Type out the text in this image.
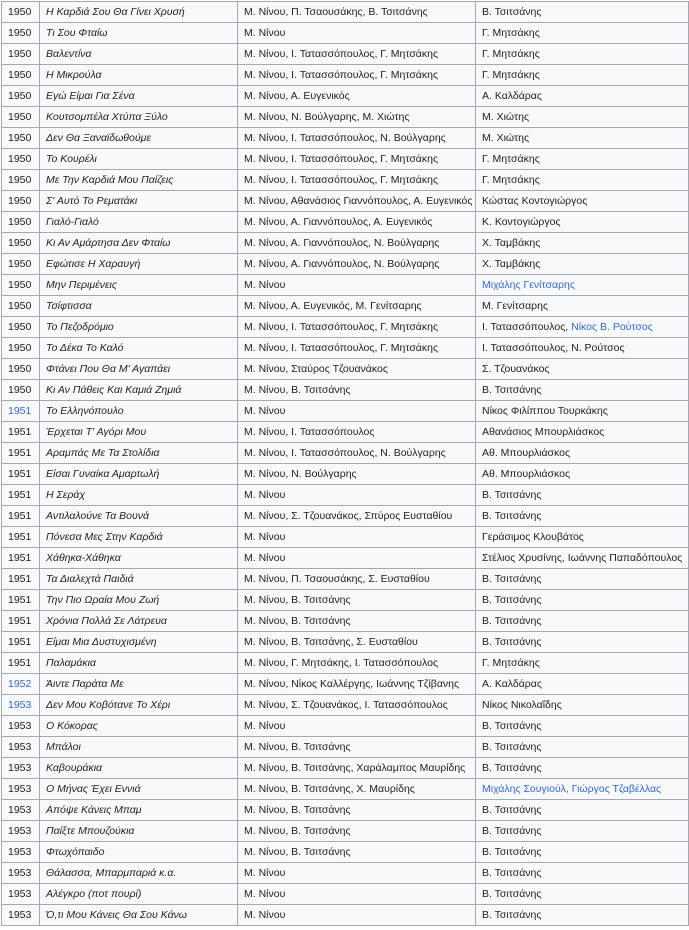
1950	Η Καρδιά Σου Θα Γίνει Χρυσή	Μ. Νίνου, Π. Τσαουσάκης, Β. Τσιτσάνης	Β. Τσιτσάνης
1950	Τι Σου Φταίω	Μ. Νίνου	Γ. Μητσάκης
1950	Βαλεντίνα	Μ. Νίνου, Ι. Τατασσόπουλος, Γ. Μητσάκης	Γ. Μητσάκης
1950	Η Μικρούλα	Μ. Νίνου, Ι. Τατασσόπουλος, Γ. Μητσάκης	Γ. Μητσάκης
1950	Εγώ Είμαι Για Σένα	Μ. Νίνου, Α. Ευγενικός	Α. Καλδάρας
1950	Κουτσομπέλα Χτύπα Ξύλο	Μ. Νίνου, Ν. Βούλγαρης, Μ. Χιώτης	Μ. Χιώτης
1950	Δεν Θα Ξαναϊδωθούμε	Μ. Νίνου, Ι. Τατασσόπουλος, Ν. Βούλγαρης	Μ. Χιώτης
1950	Το Κουρέλι	Μ. Νίνου, Ι. Τατασσόπουλος, Γ. Μητσάκης	Γ. Μητσάκης
1950	Με Την Καρδιά Μου Παίζεις	Μ. Νίνου, Ι. Τατασσόπουλος, Γ. Μητσάκης	Γ. Μητσάκης
1950	Σ' Αυτό Το Ρεματάκι	Μ. Νίνου, Αθανάσιος Γιαννόπουλος, Α. Ευγενικός	Κώστας Κοντογιώργος
1950	Γιαλό-Γιαλό	Μ. Νίνου, Α. Γιαννόπουλος, Α. Ευγενικός	Κ. Κοντογιώργος
1950	Κι Αν Αμάρτησα Δεν Φταίω	Μ. Νίνου, Α. Γιαννόπουλος, Ν. Βούλγαρης	Χ. Ταμβάκης
1950	Εφώτισε Η Χαραυγή	Μ. Νίνου, Α. Γιαννόπουλος, Ν. Βούλγαρης	Χ. Ταμβάκης
1950	Μην Περιμένεις	Μ. Νίνου	Μιχάλης Γενίτσαρης
1950	Τσίφτισσα	Μ. Νίνου, Α. Ευγενικός, Μ. Γενίτσαρης	Μ. Γενίτσαρης
1950	Το Πεζοδρόμιο	Μ. Νίνου, Ι. Τατασσόπουλος, Γ. Μητσάκης	Ι. Τατασσόπουλος, Νίκος Β. Ρούτσος
1950	Το Δέκα Το Καλό	Μ. Νίνου, Ι. Τατασσόπουλος, Γ. Μητσάκης	Ι. Τατασσόπουλος, Ν. Ρούτσος
1950	Φτάνει Που Θα Μ' Αγαπάει	Μ. Νίνου, Σταύρος Τζουανάκος	Σ. Τζουανάκος
1950	Κι Αν Πάθεις Και Καμιά Ζημιά	Μ. Νίνου, Β. Τσιτσάνης	Β. Τσιτσάνης
1951	Το Ελληνόπουλο	Μ. Νίνου	Νίκος Φιλίππου Τουρκάκης
1951	Έρχεται Τ' Αγόρι Μου	Μ. Νίνου, Ι. Τατασσόπουλος	Αθανάσιος Μπουρλιάσκος
1951	Αραμπάς Με Τα Στολίδια	Μ. Νίνου, Ι. Τατασσόπουλος, Ν. Βούλγαρης	Αθ. Μπουρλιάσκος
1951	Είσαι Γυναίκα Αμαρτωλή	Μ. Νίνου, Ν. Βούλγαρης	Αθ. Μπουρλιάσκος
1951	Η Σεράχ	Μ. Νίνου	Β. Τσιτσάνης
1951	Αντιλαλούνε Τα Βουνά	Μ. Νίνου, Σ. Τζουανάκος, Σπύρος Ευσταθίου	Β. Τσιτσάνης
1951	Πόνεσα Μες Στην Καρδιά	Μ. Νίνου	Γεράσιμος Κλουβάτος
1951	Χάθηκα-Χάθηκα	Μ. Νίνου	Στέλιος Χρυσίνης, Ιωάννης Παπαδόπουλος
1951	Τα Διαλεχτά Παιδιά	Μ. Νίνου, Π. Τσαουσάκης, Σ. Ευσταθίου	Β. Τσιτσάνης
1951	Την Πιο Ωραία Μου Ζωή	Μ. Νίνου, Β. Τσιτσάνης	Β. Τσιτσάνης
1951	Χρόνια Πολλά Σε Λάτρευα	Μ. Νίνου, Β. Τσιτσάνης	Β. Τσιτσάνης
1951	Είμαι Μια Δυστυχισμένη	Μ. Νίνου, Β. Τσιτσάνης, Σ. Ευσταθίου	Β. Τσιτσάνης
1951	Παλαμάκια	Μ. Νίνου, Γ. Μητσάκης, Ι. Τατασσόπουλος	Γ. Μητσάκης
1952	Άιντε Παράτα Με	Μ. Νίνου, Νίκος Καλλέργης, Ιωάννης Τζίβανης	Α. Καλδάρας
1953	Δεν Μου Κοβότανε Το Χέρι	Μ. Νίνου, Σ. Τζουανάκος, Ι. Τατασσόπουλος	Νίκος Νικολαΐδης
1953	Ο Κόκορας	Μ. Νίνου	Β. Τσιτσάνης
1953	Μπάλοι	Μ. Νίνου, Β. Τσιτσάνης	Β. Τσιτσάνης
1953	Καβουράκια	Μ. Νίνου, Β. Τσιτσάνης, Χαράλαμπος Μαυρίδης	Β. Τσιτσάνης
1953	Ο Μήνας Έχει Εννιά	Μ. Νίνου, Β. Τσιτσάνης, Χ. Μαυρίδης	Μιχάλης Σουγιούλ, Γιώργος Τζαβέλλας
1953	Απόψε Κάνεις Μπαμ	Μ. Νίνου, Β. Τσιτσάνης	Β. Τσιτσάνης
1953	Παίξτε Μπουζούκια	Μ. Νίνου, Β. Τσιτσάνης	Β. Τσιτσάνης
1953	Φτωχόπαιδο	Μ. Νίνου, Β. Τσιτσάνης	Β. Τσιτσάνης
1953	Θάλασσα, Μπαρμπαριά κ.α.	Μ. Νίνου	Β. Τσιτσάνης
1953	Αλέγκρο (ποτ πουρί)	Μ. Νίνου	Β. Τσιτσάνης
1953	Ό,τι Μου Κάνεις Θα Σου Κάνω	Μ. Νίνου	Β. Τσιτσάνης
